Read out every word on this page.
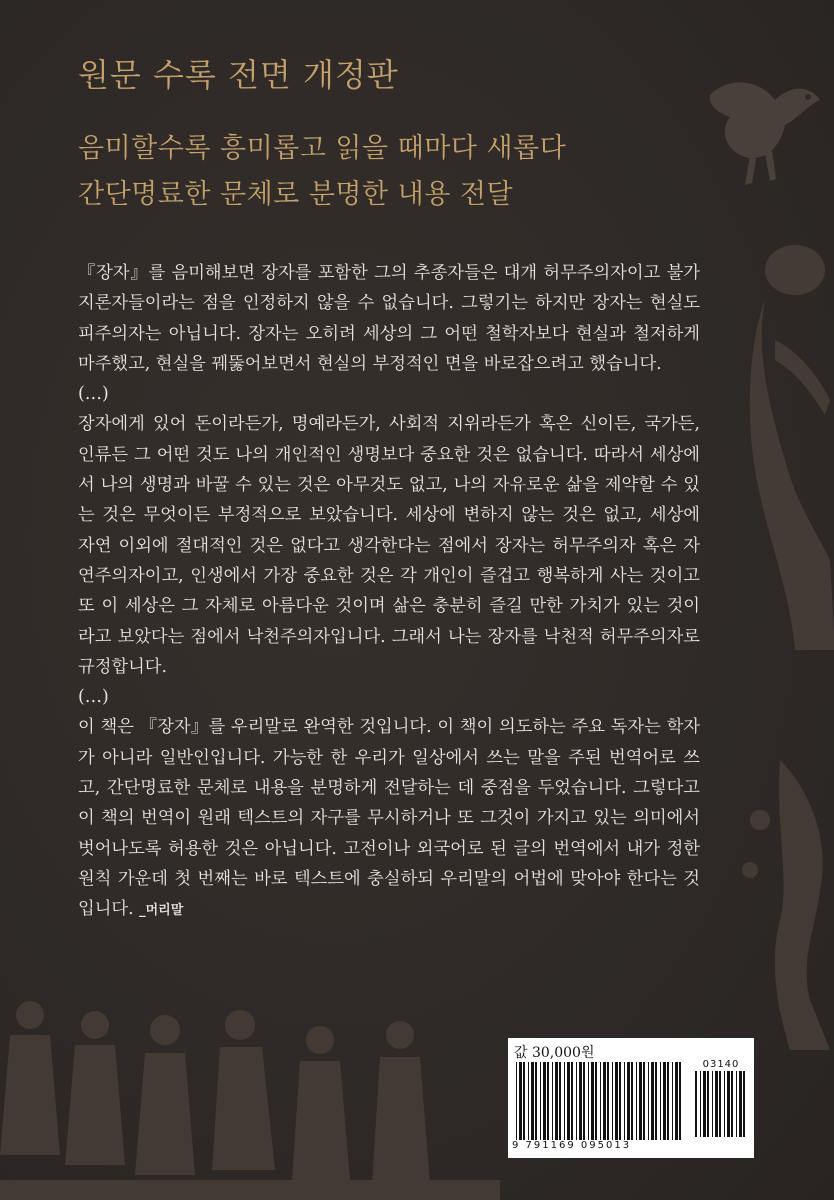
원문 수록 전면 개정판
음미할수록 흥미롭고 읽을 때마다 새롭다
간단명료한 문체로 분명한 내용 전달

『장자』를 음미해보면 장자를 포함한 그의 추종자들은 대개 허무주의자이고 불가지론자들이라는 점을 인정하지 않을 수 없습니다. 그렇기는 하지만 장자는 현실도피주의자는 아닙니다. 장자는 오히려 세상의 그 어떤 철학자보다 현실과 철저하게 마주했고, 현실을 꿰뚫어보면서 현실의 부정적인 면을 바로잡으려고 했습니다.

(…)

장자에게 있어 돈이라든가, 명예라든가, 사회적 지위라든가 혹은 신이든, 국가든, 인류든 그 어떤 것도 나의 개인적인 생명보다 중요한 것은 없습니다. 따라서 세상에서 나의 생명과 바꿀 수 있는 것은 아무것도 없고, 나의 자유로운 삶을 제약할 수 있는 것은 무엇이든 부정적으로 보았습니다. 세상에 변하지 않는 것은 없고, 세상에 자연 이외에 절대적인 것은 없다고 생각한다는 점에서 장자는 허무주의자 혹은 자연주의자이고, 인생에서 가장 중요한 것은 각 개인이 즐겁고 행복하게 사는 것이고 또 이 세상은 그 자체로 아름다운 것이며 삶은 충분히 즐길 만한 가치가 있는 것이라고 보았다는 점에서 낙천주의자입니다. 그래서 나는 장자를 낙천적 허무주의자로 규정합니다.

(…)

이 책은 『장자』를 우리말로 완역한 것입니다. 이 책이 의도하는 주요 독자는 학자가 아니라 일반인입니다. 가능한 한 우리가 일상에서 쓰는 말을 주된 번역어로 쓰고, 간단명료한 문체로 내용을 분명하게 전달하는 데 중점을 두었습니다. 그렇다고 이 책의 번역이 원래 텍스트의 자구를 무시하거나 또 그것이 가지고 있는 의미에서 벗어나도록 허용한 것은 아닙니다. 고전이나 외국어로 된 글의 번역에서 내가 정한 원칙 가운데 첫 번째는 바로 텍스트에 충실하되 우리말의 어법에 맞아야 한다는 것입니다. _머리말

값 30,000원
03140
9 791169 095013
